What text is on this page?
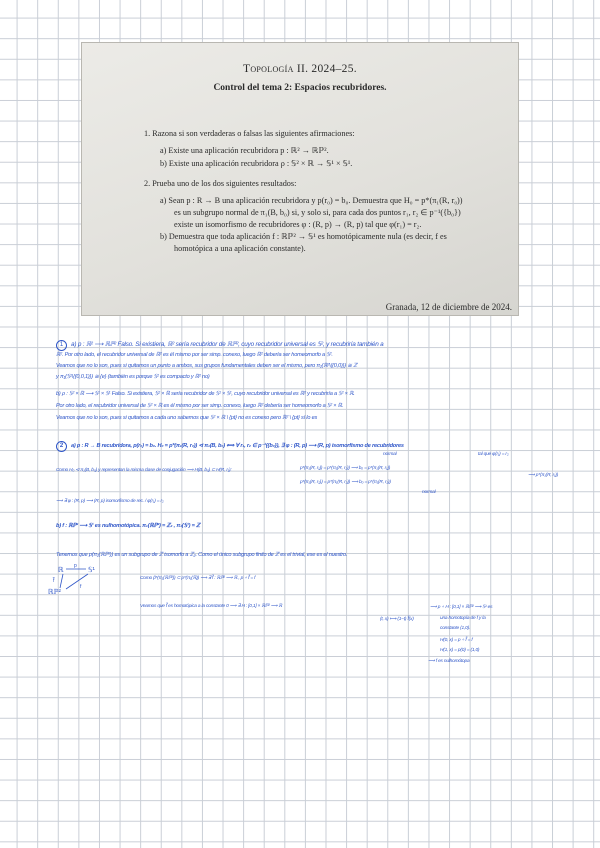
Topología II. 2024–25.
Control del tema 2: Espacios recubridores.
1. Razona si son verdaderas o falsas las siguientes afirmaciones:
a) Existe una aplicación recubridora p : ℝ² → ℝℙ².
b) Existe una aplicación recubridora ρ : 𝕊² × ℝ → 𝕊¹ × 𝕊¹.
2. Prueba uno de los dos siguientes resultados:
a) Sean p : R → B una aplicación recubridora y p(r₀) = b₀. Demuestra que H₀ = p*(π₁(R, r₀))
es un subgrupo normal de π₁(B, b₀) si, y solo si, para cada dos puntos r₁, r₂ ∈ p⁻¹({b₀})
existe un isomorfismo de recubridores φ : (R, p) → (R, p) tal que φ(r₁) = r₂.
b) Demuestra que toda aplicación f : ℝℙ² → 𝕊¹ es homotópicamente nula (es decir, f es
homotópica a una aplicación constante).
Granada, 12 de diciembre de 2024.
1 a) p : ℝ² ⟶ ℝℙ² Falso. Si existiera, ℝ² sería recubridor de ℝℙ², cuyo recubridor universal es 𝕊², y recubriría también a
ℝ². Por otro lado, el recubridor universal de ℝ² es él mismo por ser simp. conexo, luego ℝ² debería ser homeomorfo a 𝕊².
Veamos que no lo son, pues si quitamos un punto a ambos, sus grupos fundamentales deben ser el mismo, pero π₁(ℝ²\{(0,0)}) ≅ ℤ
y π₁(𝕊²\{(0,0,1)}) ≅ {e} (también es porque 𝕊² es compacto y ℝ² no)
b) ρ : 𝕊² × ℝ ⟶ 𝕊¹ × 𝕊¹ Falso. Si existiera, 𝕊² × ℝ sería recubridor de 𝕊¹ × 𝕊¹, cuyo recubridor universal es ℝ² y recubriría a 𝕊² × ℝ.
Por otro lado, el recubridor universal de 𝕊² × ℝ es él mismo por ser simp. conexo, luego ℝ² debería ser homeomorfo a 𝕊² × ℝ.
Veamos que no lo son, pues si quitamos a cada uno sabemos que 𝕊² × ℝ \ {pt} no es conexo pero ℝ² \ {pt} sí lo es
2 a) p : R → B recubridora, p(r₀) = b₀. H₀ = p*(π₁(R, r₀)) ⊲ π₁(B, b₀) ⟺ ∀ r₁, r₂ ∈ p⁻¹({b₀}), ∃ φ : (R, p) ⟶ (R, p) isomorfismo de recubridores
normal	tal que φ(r₁) = r₂
Como H₀ ⊲ π₁(B, b₀) y representan la misma clase de conjugación ⟹ H(B, b₀) ⊂ H(R, r₁):	p*(π₁(R, r₁)) = p*(π₁(R, r₂)) ⟹ b₀ = p*(π₁(R, r₁))
p*(π₁(R, r₂)) = p*(π₁(R, r₂)) ⟹ b₀ = p*(π₁(R, r₂))
⟹ p*(π₁(R, r₁))
normal
⟹ ∃ φ : (R, p) ⟶ (R, p) isomorfismo de rec. / φ(r₁) = r₂
b) f : ℝℙ² ⟶ 𝕊¹ es nulhomotópica. π₁(ℝℙ²) = ℤ₂ , π₁(𝕊¹) = ℤ
Tenemos que p(π₁(ℝℙ²)) es un subgrupo de ℤ isomorfo a ℤ₂. Como el único subgrupo finito de ℤ es el trivial, ese es el nuestro.
ℝ	𝕊¹
ℝℙ²
p
f̃
f
Como p̃*(π₁(ℝℙ²)) ⊂ p*(π₁(ℝ)) ⟹ ∃ f̃ : ℝℙ² ⟶ ℝ , p ∘ f̃ = f
Veamos que f̃ es homotópica a la constante 0 ⟶ ∃ H : [0,1] × ℝℙ² ⟶ ℝ
(t, x) ⟼ (1−t) f̃(x)
⟹ p ∘ H : [0,1] × ℝℙ² ⟶ 𝕊¹ es
una homotopía de f y la
constante (1,0).
H(0, x) = p ∘ f̃ = f
H(1, x) = p(0) = (1,0)
⟹ f es nulhomótopa
